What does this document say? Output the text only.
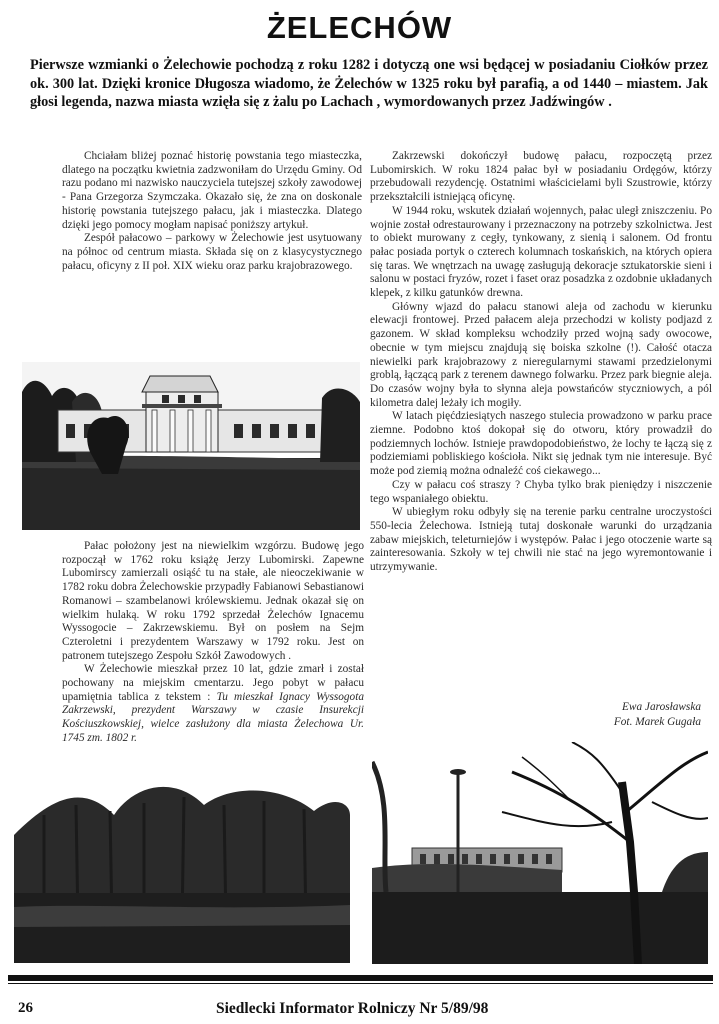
ŻELECHÓW
Pierwsze wzmianki o Żelechowie pochodzą z roku 1282 i dotyczą one wsi będącej w posiadaniu Ciołków przez ok. 300 lat. Dzięki kronice Długosza wiadomo, że Żelechów w 1325 roku był parafią, a od 1440 – miastem. Jak głosi legenda, nazwa miasta wzięła się z żalu po Lachach , wymordowanych przez Jadźwingów .

Chciałam bliżej poznać historię powstania tego miasteczka, dlatego na początku kwietnia zadzwoniłam do Urzędu Gminy. Od razu podano mi nazwisko nauczyciela tutejszej szkoły zawodowej - Pana Grzegorza Szymczaka. Okazało się, że zna on doskonale historię powstania tutejszego pałacu, jak i miasteczka. Dlatego dzięki jego pomocy mogłam napisać poniższy artykuł.

Zespół pałacowo – parkowy w Żelechowie jest usytuowany na północ od centrum miasta. Składa się on z klasycystycznego pałacu, oficyny z II poł. XIX wieku oraz parku krajobrazowego.

Pałac położony jest na niewielkim wzgórzu. Budowę jego rozpoczął w 1762 roku książę Jerzy Lubomirski. Zapewne Lubomirscy zamierzali osiąść tu na stałe, ale nieoczekiwanie w 1782 roku dobra Żelechowskie przypadły Fabianowi Sebastianowi Romanowi – szambelanowi królewskiemu. Jednak okazał się on wielkim hulaką. W roku 1792 sprzedał Żelechów Ignacemu Wyssogocie – Zakrzewskiemu. Był on posłem na Sejm Czteroletni i prezydentem Warszawy w 1792 roku. Jest on patronem tutejszego Zespołu Szkół Zawodowych .

W Żelechowie mieszkał przez 10 lat, gdzie zmarł i został pochowany na miejskim cmentarzu. Jego pobyt w pałacu upamiętnia tablica z tekstem : Tu mieszkał Ignacy Wyssogota Zakrzewski, prezydent Warszawy w czasie Insurekcji Kościuszkowskiej, wielce zasłużony dla miasta Żelechowa Ur. 1745 zm. 1802 r.

Zakrzewski dokończył budowę pałacu, rozpoczętą przez Lubomirskich. W roku 1824 pałac był w posiadaniu Ordęgów, którzy przebudowali rezydencję. Ostatnimi właścicielami byli Szustrowie, którzy przekształcili istniejącą oficynę.

W 1944 roku, wskutek działań wojennych, pałac uległ zniszczeniu. Po wojnie został odrestaurowany i przeznaczony na potrzeby szkolnictwa. Jest to obiekt murowany z cegły, tynkowany, z sienią i salonem. Od frontu pałac posiada portyk o czterech kolumnach toskańskich, na których opiera się taras. We wnętrzach na uwagę zasługują dekoracje sztukatorskie sieni i salonu w postaci fryzów, rozet i faset oraz posadzka z ozdobnie układanych klepek, z kilku gatunków drewna.

Główny wjazd do pałacu stanowi aleja od zachodu w kierunku elewacji frontowej. Przed pałacem aleja przechodzi w kolisty podjazd z gazonem. W skład kompleksu wchodziły przed wojną sady owocowe, obecnie w tym miejscu znajdują się boiska szkolne (!). Całość otacza niewielki park krajobrazowy z nieregularnymi stawami przedzielonymi groblą, łączącą park z terenem dawnego folwarku. Przez park biegnie aleja. Do czasów wojny była to słynna aleja powstańców styczniowych, a pól kilometra dalej leżały ich mogiły.

W latach pięćdziesiątych naszego stulecia prowadzono w parku prace ziemne. Podobno ktoś dokopał się do otworu, który prowadził do podziemnych lochów. Istnieje prawdopodobieństwo, że lochy te łączą się z podziemiami pobliskiego kościoła. Nikt się jednak tym nie interesuje. Być może pod ziemią można odnaleźć coś ciekawego...

Czy w pałacu coś straszy ? Chyba tylko brak pieniędzy i niszczenie tego wspaniałego obiektu.

W ubiegłym roku odbyły się na terenie parku centralne uroczystości 550-lecia Żelechowa. Istnieją tutaj doskonałe warunki do urządzania zabaw miejskich, teleturniejów i występów. Pałac i jego otoczenie warte są zainteresowania. Szkoły w tej chwili nie stać na jego wyremontowanie i utrzymywanie.

Ewa Jarosławska
Fot. Marek Gugała
26	Siedlecki Informator Rolniczy Nr 5/89/98
